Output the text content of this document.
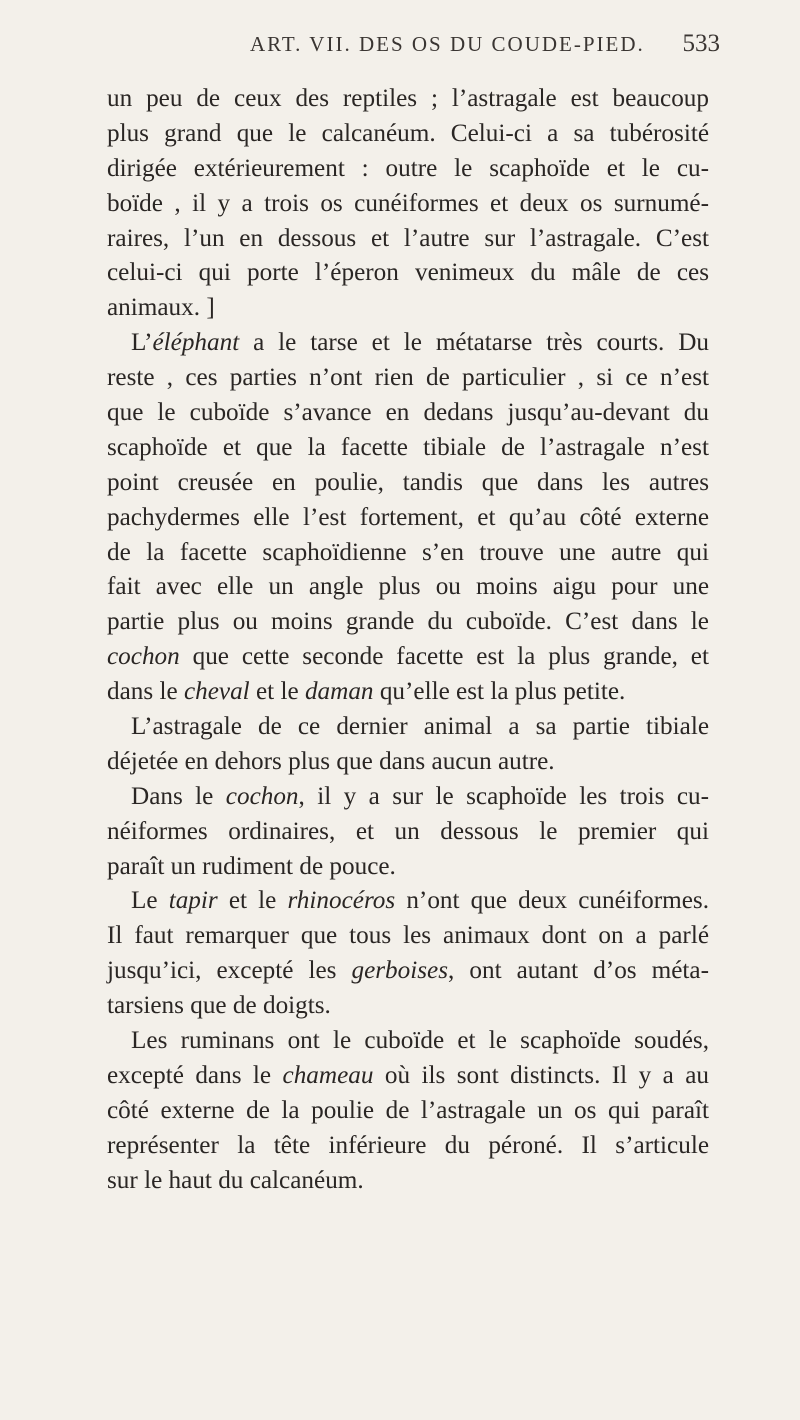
ART. VII. DES OS DU COUDE-PIED. 533
un peu de ceux des reptiles ; l’astragale est beaucoup
plus grand que le calcanéum. Celui-ci a sa tubérosité
dirigée extérieurement : outre le scaphoïde et le cu-
boïde , il y a trois os cunéiformes et deux os surnumé-
raires, l’un en dessous et l’autre sur l’astragale. C’est
celui-ci qui porte l’éperon venimeux du mâle de ces
animaux. ]
L’éléphant a le tarse et le métatarse très courts. Du
reste , ces parties n’ont rien de particulier , si ce n’est
que le cuboïde s’avance en dedans jusqu’au-devant du
scaphoïde et que la facette tibiale de l’astragale n’est
point creusée en poulie, tandis que dans les autres
pachydermes elle l’est fortement, et qu’au côté externe
de la facette scaphoïdienne s’en trouve une autre qui
fait avec elle un angle plus ou moins aigu pour une
partie plus ou moins grande du cuboïde. C’est dans le
cochon que cette seconde facette est la plus grande, et
dans le cheval et le daman qu’elle est la plus petite.
L’astragale de ce dernier animal a sa partie tibiale
déjetée en dehors plus que dans aucun autre.
Dans le cochon, il y a sur le scaphoïde les trois cu-
néiformes ordinaires, et un dessous le premier qui
paraît un rudiment de pouce.
Le tapir et le rhinocéros n’ont que deux cunéiformes.
Il faut remarquer que tous les animaux dont on a parlé
jusqu’ici, excepté les gerboises, ont autant d’os méta-
tarsiens que de doigts.
Les ruminans ont le cuboïde et le scaphoïde soudés,
excepté dans le chameau où ils sont distincts. Il y a au
côté externe de la poulie de l’astragale un os qui paraît
représenter la tête inférieure du péroné. Il s’articule
sur le haut du calcanéum.
